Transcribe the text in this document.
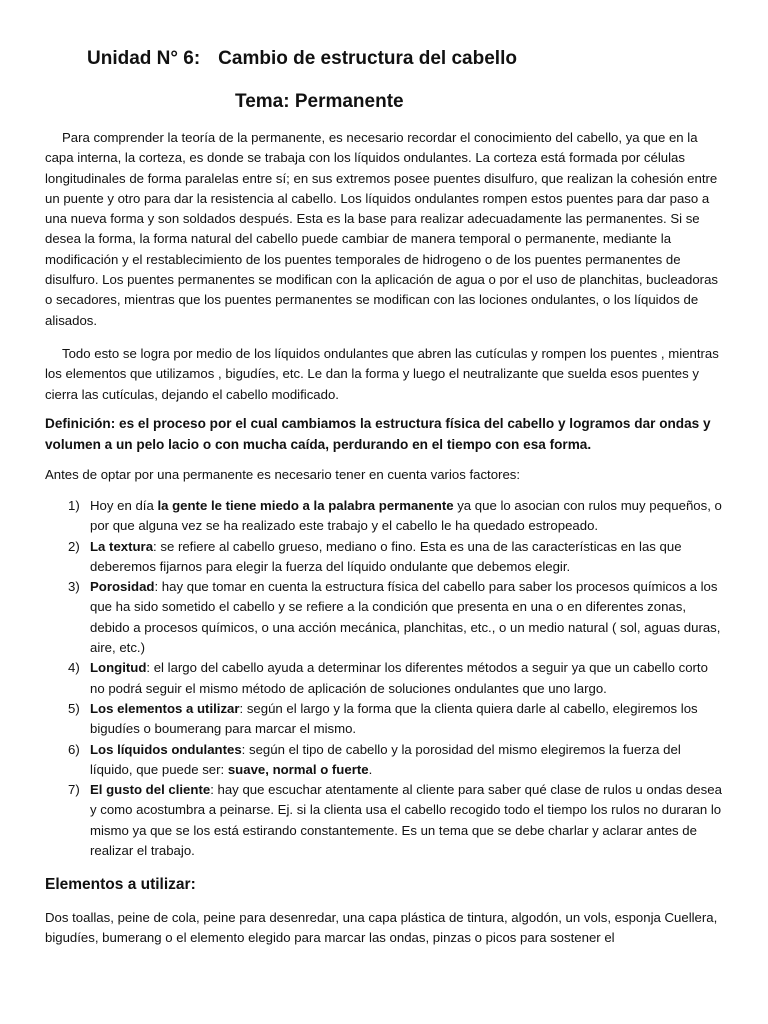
Unidad N° 6: Cambio de estructura del cabello
Tema: Permanente
Para comprender la teoría de la permanente, es necesario recordar el conocimiento del cabello, ya que en la capa interna, la corteza, es donde se trabaja con los líquidos ondulantes. La corteza está formada por células longitudinales de forma paralelas entre sí; en sus extremos posee puentes disulfuro, que realizan la cohesión entre un puente y otro para dar la resistencia al cabello. Los líquidos ondulantes rompen estos puentes para dar paso a una nueva forma y son soldados después. Esta es la base para realizar adecuadamente las permanentes. Si se desea la forma, la forma natural del cabello puede cambiar de manera temporal o permanente, mediante la modificación y el restablecimiento de los puentes temporales de hidrogeno o de los puentes permanentes de disulfuro. Los puentes permanentes se modifican con la aplicación de agua o por el uso de planchitas, bucleadoras o secadores, mientras que los puentes permanentes se modifican con las lociones ondulantes, o los líquidos de alisados.
Todo esto se logra por medio de los líquidos ondulantes que abren las cutículas y rompen los puentes , mientras los elementos que utilizamos , bigudíes, etc. Le dan la forma y luego el neutralizante que suelda esos puentes y cierra las cutículas, dejando el cabello modificado.
Definición: es el proceso por el cual cambiamos la estructura física del cabello y logramos dar ondas y volumen a un pelo lacio o con mucha caída, perdurando en el tiempo con esa forma.
Antes de optar por una permanente es necesario tener en cuenta varios factores:
1) Hoy en día la gente le tiene miedo a la palabra permanente ya que lo asocian con rulos muy pequeños, o por que alguna vez se ha realizado este trabajo y el cabello le ha quedado estropeado.
2) La textura: se refiere al cabello grueso, mediano o fino. Esta es una de las características en las que deberemos fijarnos para elegir la fuerza del líquido ondulante que debemos elegir.
3) Porosidad: hay que tomar en cuenta la estructura física del cabello para saber los procesos químicos a los que ha sido sometido el cabello y se refiere a la condición que presenta en una o en diferentes zonas, debido a procesos químicos, o una acción mecánica, planchitas, etc., o un medio natural ( sol, aguas duras, aire, etc.)
4) Longitud: el largo del cabello ayuda a determinar los diferentes métodos a seguir ya que un cabello corto no podrá seguir el mismo método de aplicación de soluciones ondulantes que uno largo.
5) Los elementos a utilizar: según el largo y la forma que la clienta quiera darle al cabello, elegiremos los bigudíes o boumerang para marcar el mismo.
6) Los líquidos ondulantes: según el tipo de cabello y la porosidad del mismo elegiremos la fuerza del líquido, que puede ser: suave, normal o fuerte.
7) El gusto del cliente: hay que escuchar atentamente al cliente para saber qué clase de rulos u ondas desea y como acostumbra a peinarse. Ej. si la clienta usa el cabello recogido todo el tiempo los rulos no duraran lo mismo ya que se los está estirando constantemente. Es un tema que se debe charlar y aclarar antes de realizar el trabajo.
Elementos a utilizar:
Dos toallas, peine de cola, peine para desenredar, una capa plástica de tintura, algodón, un vols, esponja Cuellera, bigudíes, bumerang o el elemento elegido para marcar las ondas, pinzas o picos para sostener el
